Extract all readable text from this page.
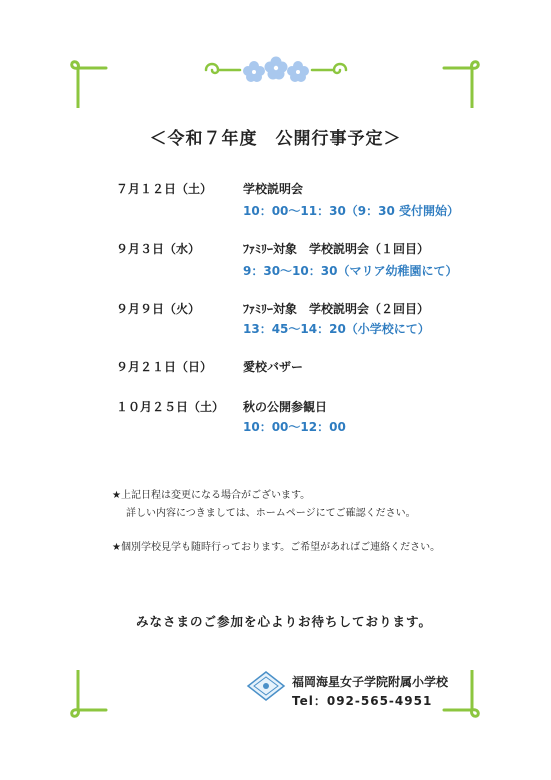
＜令和７年度　公開行事予定＞
７月１２日（土）	学校説明会
10：00～11：30（9：30 受付開始）
９月３日（水）	ﾌｧﾐﾘｰ対象　学校説明会（１回目）
9：30～10：30（マリア幼稚園にて）
９月９日（火）	ﾌｧﾐﾘｰ対象　学校説明会（２回目）
13：45～14：20（小学校にて）
９月２１日（日）	愛校バザー
１０月２５日（土） 秋の公開参観日
10：00～12：00
★上記日程は変更になる場合がございます。
詳しい内容につきましては、ホームページにてご確認ください。
★個別学校見学も随時行っております。ご希望があればご連絡ください。
みなさまのご参加を心よりお待ちしております。
福岡海星女子学院附属小学校
Tel：092-565-4951
